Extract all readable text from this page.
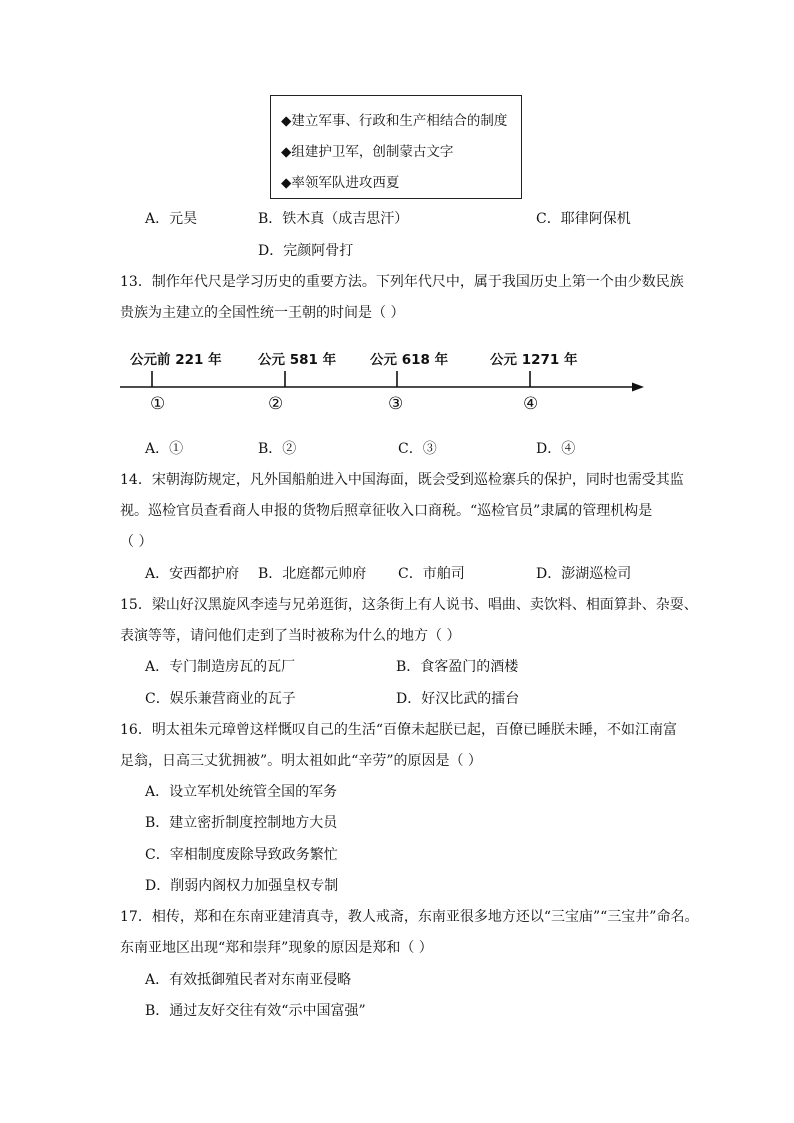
◆建立军事、行政和生产相结合的制度
◆组建护卫军，创制蒙古文字
◆率领军队进攻西夏
A．元昊	B．铁木真（成吉思汗）	C．耶律阿保机
D．完颜阿骨打
13．制作年代尺是学习历史的重要方法。下列年代尺中，属于我国历史上第一个由少数民族
贵族为主建立的全国性统一王朝的时间是（ ）
公元前 221 年	公元 581 年	公元 618 年	公元 1271 年
①	②	③	④
A．①	B．②	C．③	D．④
14．宋朝海防规定，凡外国船舶进入中国海面，既会受到巡检寨兵的保护，同时也需受其监
视。巡检官员查看商人申报的货物后照章征收入口商税。“巡检官员”隶属的管理机构是
（ ）
A．安西都护府 B．北庭都元帅府 C．市舶司	D．澎湖巡检司
15．梁山好汉黑旋风李逵与兄弟逛街，这条街上有人说书、唱曲、卖饮料、相面算卦、杂耍、
表演等等，请问他们走到了当时被称为什么的地方（ ）
A．专门制造房瓦的瓦厂	B．食客盈门的酒楼
C．娱乐兼营商业的瓦子	D．好汉比武的擂台
16．明太祖朱元璋曾这样慨叹自己的生活“百僚未起朕已起，百僚已睡朕未睡，不如江南富
足翁，日高三丈犹拥被”。明太祖如此“辛劳”的原因是（ ）
A．设立军机处统管全国的军务
B．建立密折制度控制地方大员
C．宰相制度废除导致政务繁忙
D．削弱内阁权力加强皇权专制
17．相传，郑和在东南亚建清真寺，教人戒斋，东南亚很多地方还以“三宝庙”“三宝井”命名。
东南亚地区出现“郑和崇拜”现象的原因是郑和（ ）
A．有效抵御殖民者对东南亚侵略
B．通过友好交往有效“示中国富强”
